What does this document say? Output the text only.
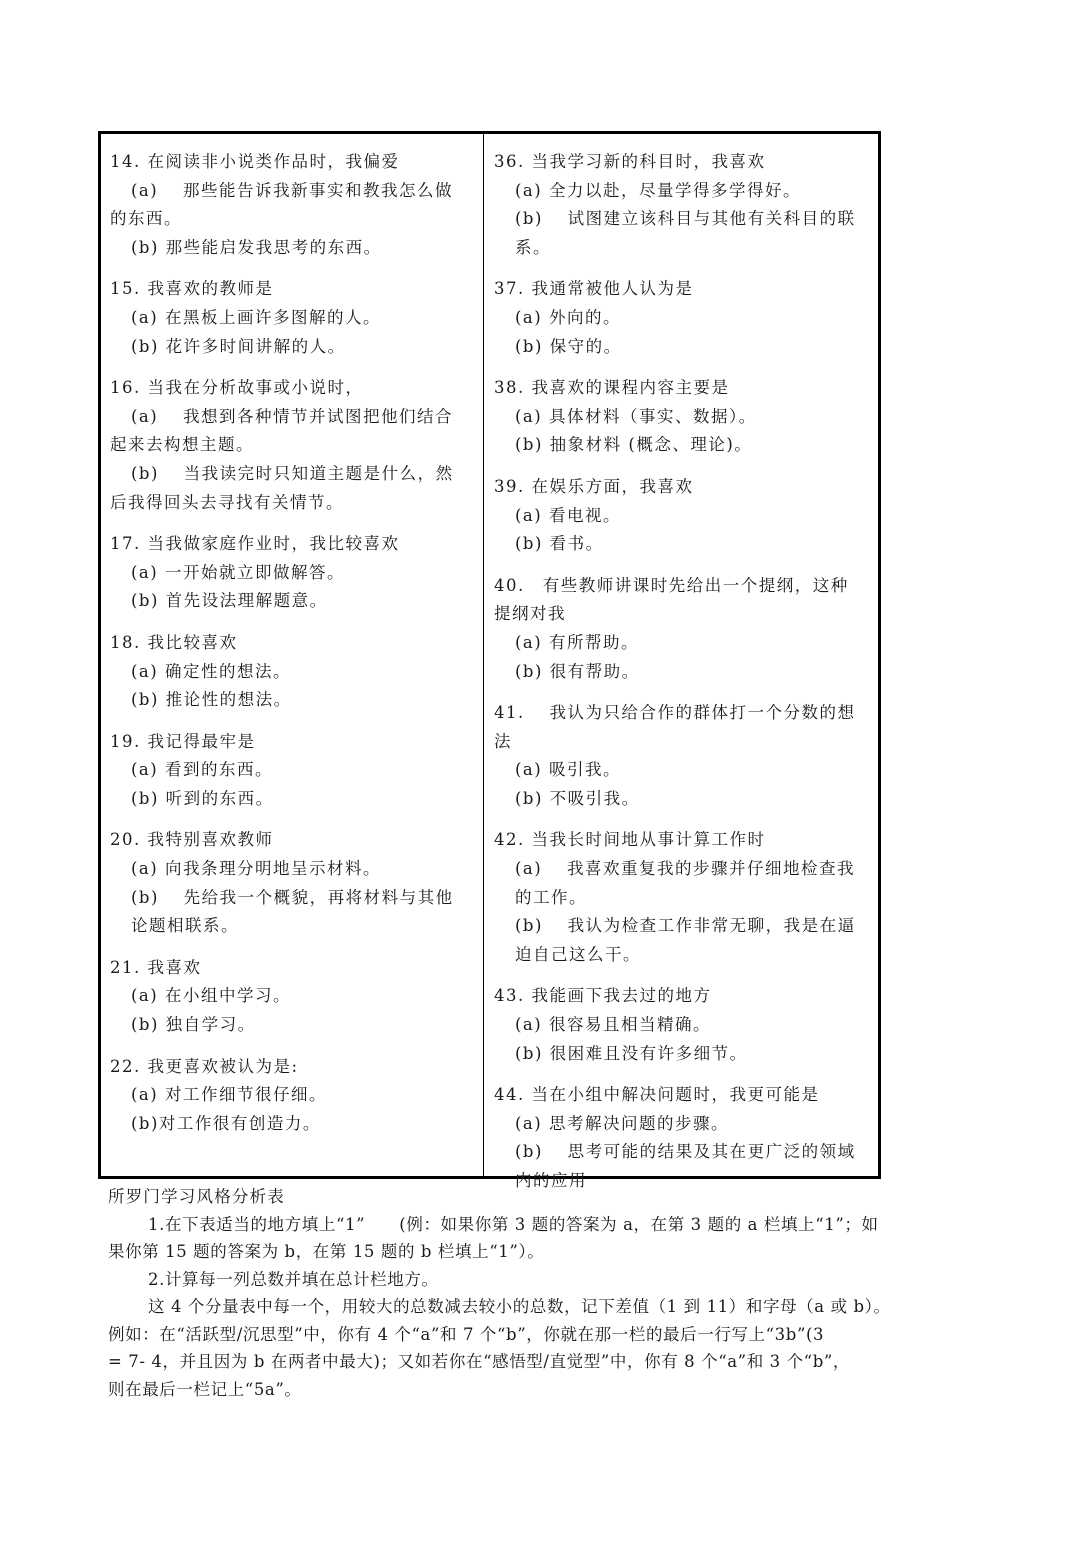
14. 在阅读非小说类作品时，我偏爱
(a)　 那些能告诉我新事实和教我怎么做
的东西。
(b) 那些能启发我思考的东西。
15. 我喜欢的教师是
(a) 在黑板上画许多图解的人。
(b) 花许多时间讲解的人。
16. 当我在分析故事或小说时，
(a)　 我想到各种情节并试图把他们结合
起来去构想主题。
(b)　 当我读完时只知道主题是什么，然
后我得回头去寻找有关情节。
17. 当我做家庭作业时，我比较喜欢
(a) 一开始就立即做解答。
(b) 首先设法理解题意。
18. 我比较喜欢
(a) 确定性的想法。
(b) 推论性的想法。
19. 我记得最牢是
(a) 看到的东西。
(b) 听到的东西。
20. 我特别喜欢教师
(a) 向我条理分明地呈示材料。
(b)　 先给我一个概貌，再将材料与其他
论题相联系。
21. 我喜欢
(a) 在小组中学习。
(b) 独自学习。
22. 我更喜欢被认为是:
(a) 对工作细节很仔细。
(b)对工作很有创造力。
36. 当我学习新的科目时，我喜欢
(a) 全力以赴，尽量学得多学得好。
(b)　 试图建立该科目与其他有关科目的联
系。
37. 我通常被他人认为是
(a) 外向的。
(b) 保守的。
38. 我喜欢的课程内容主要是
(a) 具体材料（事实、数据）。
(b) 抽象材料 (概念、理论)。
39. 在娱乐方面，我喜欢
(a) 看电视。
(b) 看书。
40.　有些教师讲课时先给出一个提纲，这种
提纲对我
(a) 有所帮助。
(b) 很有帮助。
41.　 我认为只给合作的群体打一个分数的想
法
(a) 吸引我。
(b) 不吸引我。
42. 当我长时间地从事计算工作时
(a)　 我喜欢重复我的步骤并仔细地检查我
的工作。
(b)　 我认为检查工作非常无聊，我是在逼
迫自己这么干。
43. 我能画下我去过的地方
(a) 很容易且相当精确。
(b) 很困难且没有许多细节。
44. 当在小组中解决问题时，我更可能是
(a) 思考解决问题的步骤。
(b)　 思考可能的结果及其在更广泛的领域
内的应用
所罗门学习风格分析表
1.在下表适当的地方填上“1”　　(例：如果你第 3 题的答案为 a，在第 3 题的 a 栏填上“1”；如
果你第 15 题的答案为 b，在第 15 题的 b 栏填上“1”）。
2.计算每一列总数并填在总计栏地方。
这 4 个分量表中每一个，用较大的总数减去较小的总数，记下差值（1 到 11）和字母（a 或 b）。
例如：在“活跃型/沉思型”中，你有 4 个“a”和 7 个“b”，你就在那一栏的最后一行写上“3b”(3
= 7- 4，并且因为 b 在两者中最大)；又如若你在“感悟型/直觉型”中，你有 8 个“a”和 3 个“b”，
则在最后一栏记上“5a”。
